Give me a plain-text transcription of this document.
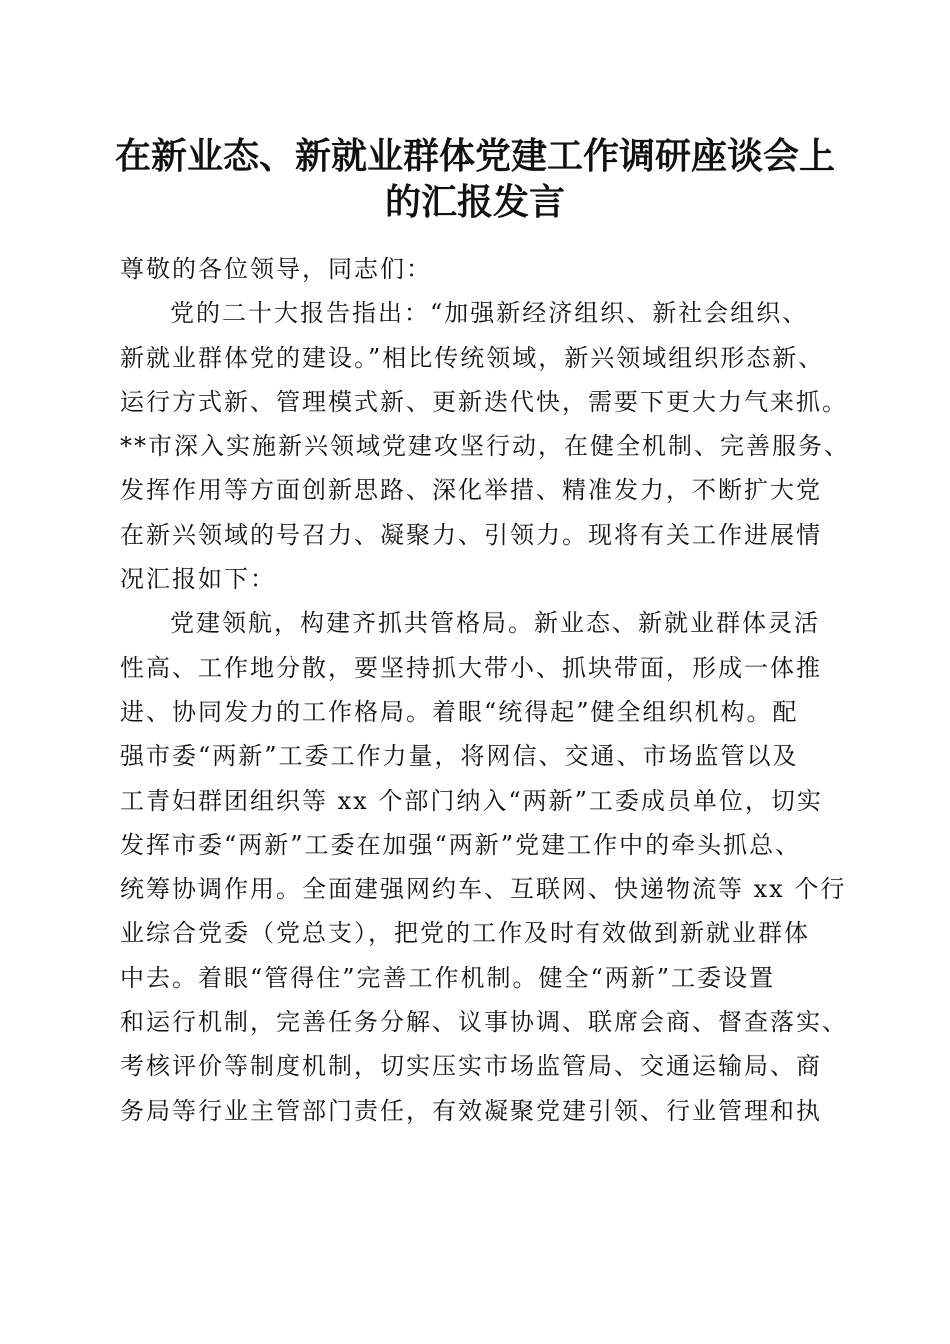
在新业态、新就业群体党建工作调研座谈会上
的汇报发言
尊敬的各位领导，同志们：
党的二十大报告指出：“加强新经济组织、新社会组织、
新就业群体党的建设。”相比传统领域，新兴领域组织形态新、
运行方式新、管理模式新、更新迭代快，需要下更大力气来抓。
**市深入实施新兴领域党建攻坚行动，在健全机制、完善服务、
发挥作用等方面创新思路、深化举措、精准发力，不断扩大党
在新兴领域的号召力、凝聚力、引领力。现将有关工作进展情
况汇报如下：
党建领航，构建齐抓共管格局。新业态、新就业群体灵活
性高、工作地分散，要坚持抓大带小、抓块带面，形成一体推
进、协同发力的工作格局。着眼“统得起”健全组织机构。配
强市委“两新”工委工作力量，将网信、交通、市场监管以及
工青妇群团组织等 xx 个部门纳入“两新”工委成员单位，切实
发挥市委“两新”工委在加强“两新”党建工作中的牵头抓总、
统筹协调作用。全面建强网约车、互联网、快递物流等 xx 个行
业综合党委（党总支），把党的工作及时有效做到新就业群体
中去。着眼“管得住”完善工作机制。健全“两新”工委设置
和运行机制，完善任务分解、议事协调、联席会商、督查落实、
考核评价等制度机制，切实压实市场监管局、交通运输局、商
务局等行业主管部门责任，有效凝聚党建引领、行业管理和执
